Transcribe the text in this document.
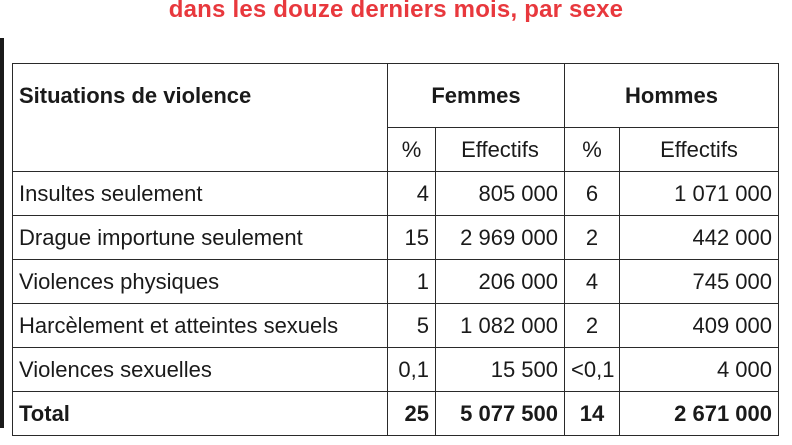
dans les douze derniers mois, par sexe
Situations de violence	Femmes		Hommes	
	%	Effectifs	%	Effectifs
Insultes seulement	4	805 000	6	1 071 000
Drague importune seulement	15	2 969 000	2	442 000
Violences physiques	1	206 000	4	745 000
Harcèlement et atteintes sexuels	5	1 082 000	2	409 000
Violences sexuelles	0,1	15 500	<0,1	4 000
Total	25	5 077 500	14	2 671 000
